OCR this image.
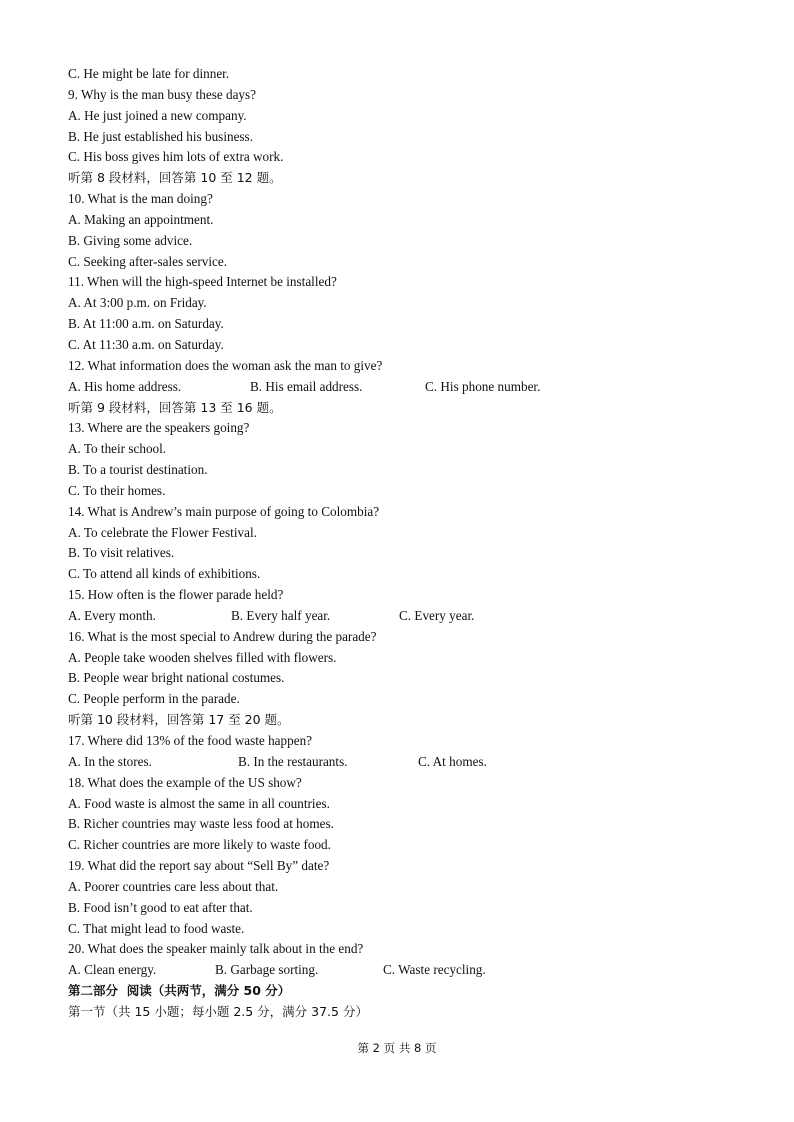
C. He might be late for dinner.
9. Why is the man busy these days?
A. He just joined a new company.
B. He just established his business.
C. His boss gives him lots of extra work.
听第 8 段材料，回答第 10 至 12 题。
10. What is the man doing?
A. Making an appointment.
B. Giving some advice.
C. Seeking after-sales service.
11. When will the high-speed Internet be installed?
A. At 3:00 p.m. on Friday.
B. At 11:00 a.m. on Saturday.
C. At 11:30 a.m. on Saturday.
12. What information does the woman ask the man to give?
A. His home address.	B. His email address.	C. His phone number.
听第 9 段材料，回答第 13 至 16 题。
13. Where are the speakers going?
A. To their school.
B. To a tourist destination.
C. To their homes.
14. What is Andrew’s main purpose of going to Colombia?
A. To celebrate the Flower Festival.
B. To visit relatives.
C. To attend all kinds of exhibitions.
15. How often is the flower parade held?
A. Every month.	B. Every half year.	C. Every year.
16. What is the most special to Andrew during the parade?
A. People take wooden shelves filled with flowers.
B. People wear bright national costumes.
C. People perform in the parade.
听第 10 段材料，回答第 17 至 20 题。
17. Where did 13% of the food waste happen?
A. In the stores.	B. In the restaurants.	C. At homes.
18. What does the example of the US show?
A. Food waste is almost the same in all countries.
B. Richer countries may waste less food at homes.
C. Richer countries are more likely to waste food.
19. What did the report say about “Sell By” date?
A. Poorer countries care less about that.
B. Food isn’t good to eat after that.
C. That might lead to food waste.
20. What does the speaker mainly talk about in the end?
A. Clean energy.	B. Garbage sorting.	C. Waste recycling.
第二部分  阅读（共两节，满分 50 分）
第一节（共 15 小题；每小题 2.5 分，满分 37.5 分）
第 2 页 共 8 页
